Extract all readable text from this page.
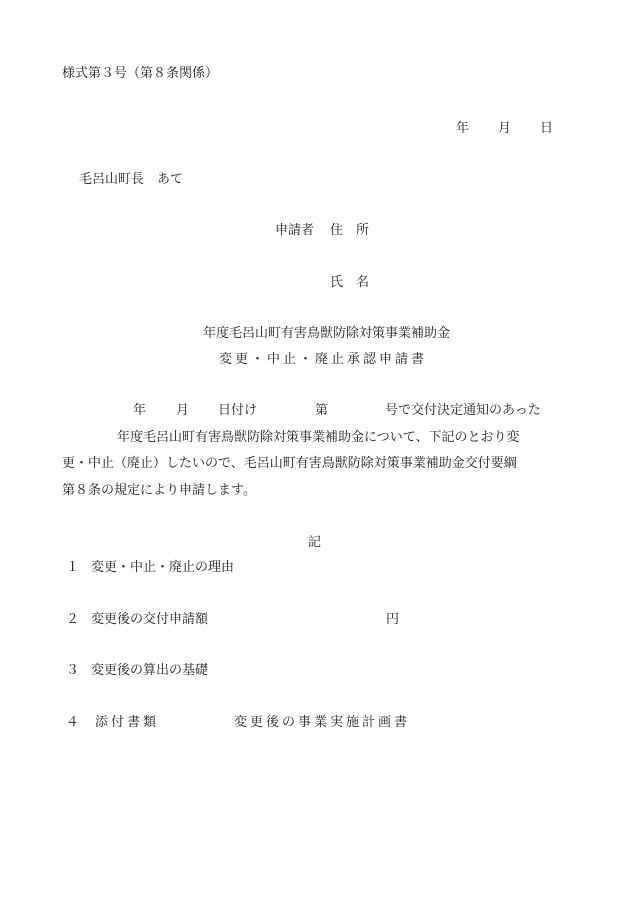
様式第３号（第８条関係）
年 月 日
毛呂山町長　あて
申請者 住　所
氏　名
年度毛呂山町有害鳥獣防除対策事業補助金
変更・中止・廃止承認申請書
年 月 日付け	第	号で交付決定通知のあった
年度毛呂山町有害鳥獣防除対策事業補助金について、下記のとおり変
更・中止（廃止）したいので、毛呂山町有害鳥獣防除対策事業補助金交付要綱
第８条の規定により申請します。
記
１ 変更・中止・廃止の理由
２ 変更後の交付申請額	円
３ 変更後の算出の基礎
４ 添付書類	変更後の事業実施計画書
